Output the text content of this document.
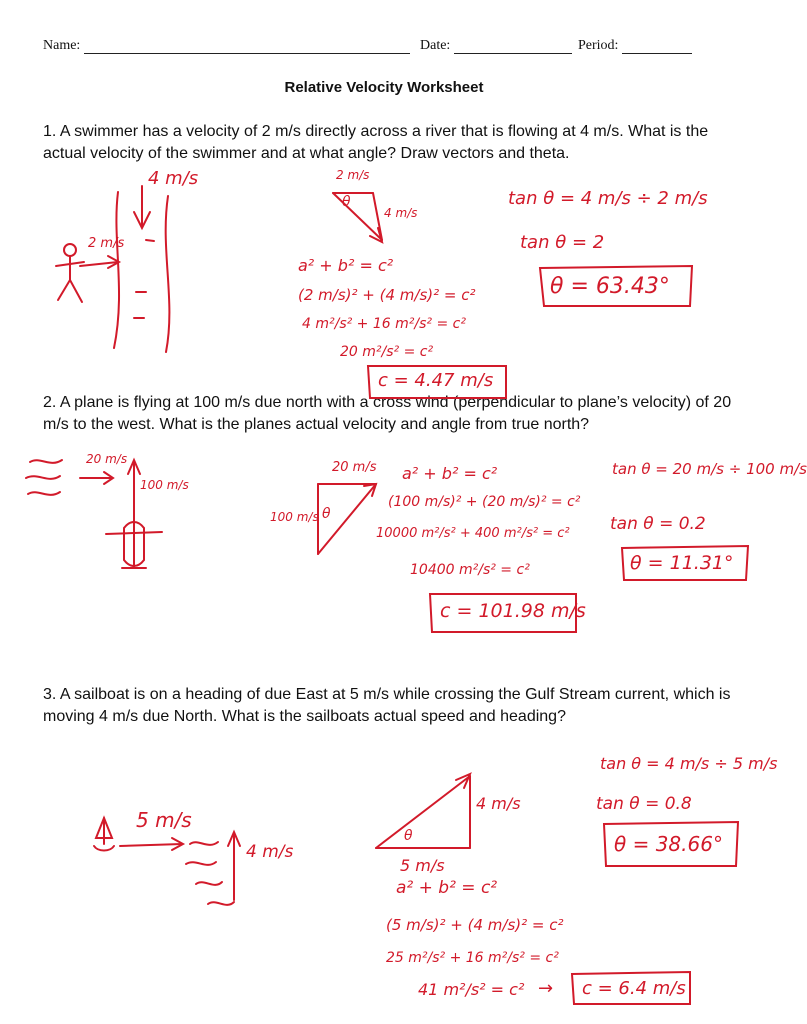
Name:	Date:	Period:
Relative Velocity Worksheet
1. A swimmer has a velocity of 2 m/s directly across a river that is flowing at 4 m/s. What is the actual velocity of the swimmer and at what angle? Draw vectors and theta.
2. A plane is flying at 100 m/s due north with a cross wind (perpendicular to plane’s velocity) of 20 m/s to the west. What is the planes actual velocity and angle from true north?
3. A sailboat is on a heading of due East at 5 m/s while crossing the Gulf Stream current, which is moving 4 m/s due North. What is the sailboats actual speed and heading?
4 m/s
2 m/s
2 m/s
4 m/s
θ	tan θ = 4 m/s ÷ 2 m/s
tan θ = 2
θ = 63.43°
a² + b² = c²
(2 m/s)² + (4 m/s)² = c²
4 m²/s² + 16 m²/s² = c²
20 m²/s² = c²
c = 4.47 m/s
20 m/s
100 m/s
20 m/s
100 m/s θ
a² + b² = c²
(100 m/s)² + (20 m/s)² = c²
10000 m²/s² + 400 m²/s² = c²
10400 m²/s² = c²
c = 101.98 m/s
tan θ = 20 m/s ÷ 100 m/s
tan θ = 0.2
θ = 11.31°
5 m/s
4 m/s
4 m/s
5 m/s
θ
tan θ = 4 m/s ÷ 5 m/s
tan θ = 0.8
θ = 38.66°
a² + b² = c²
(5 m/s)² + (4 m/s)² = c²
25 m²/s² + 16 m²/s² = c²
41 m²/s² = c² → c = 6.4 m/s
